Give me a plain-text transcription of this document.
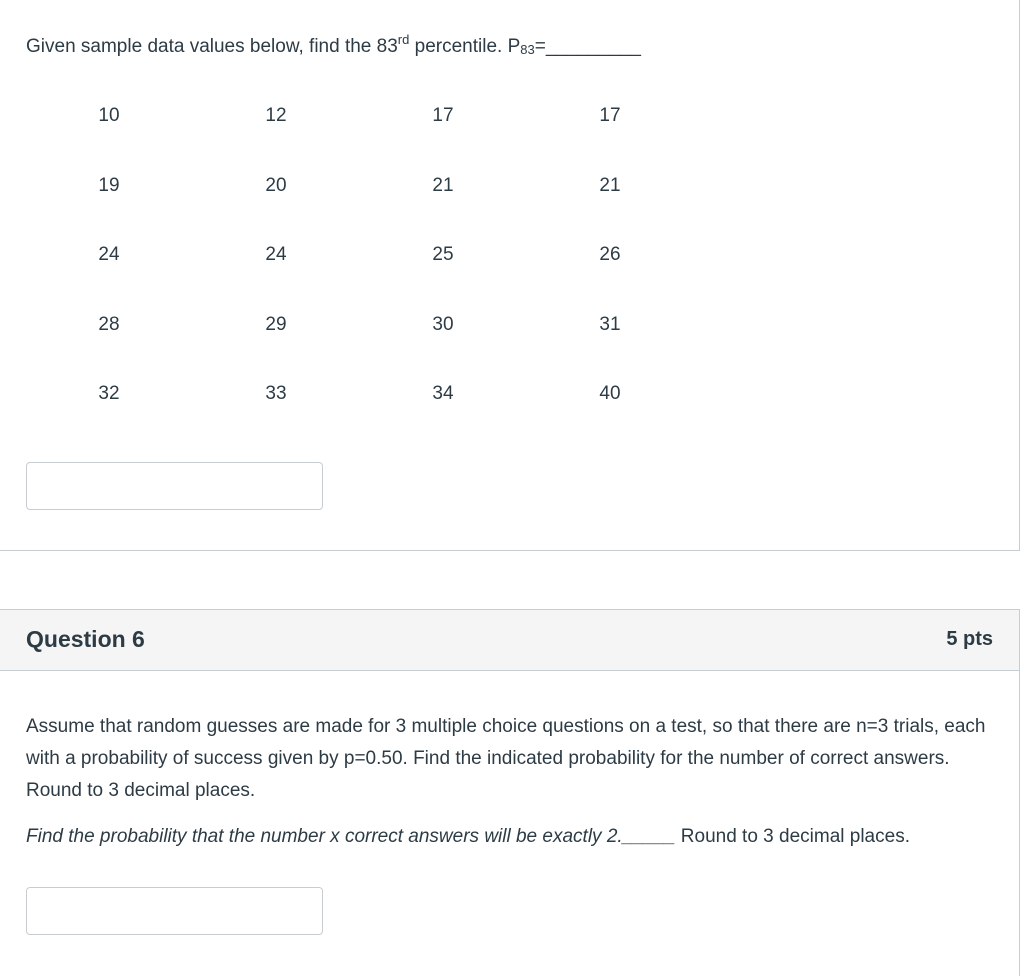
Given sample data values below, find the 83rd percentile. $P_{83}=\_\_\_\_\_\_\_\_\_$
10	12	17	17
19	20	21	21
24	24	25	26
28	29	30	31
32	33	34	40
Question 6	5 pts
Assume that random guesses are made for 3 multiple choice questions on a test, so that there are n=3 trials, each with a probability of success given by p=0.50. Find the indicated probability for the number of correct answers. Round to 3 decimal places.
Find the probability that the number x correct answers will be exactly 2._____ Round to 3 decimal places.
